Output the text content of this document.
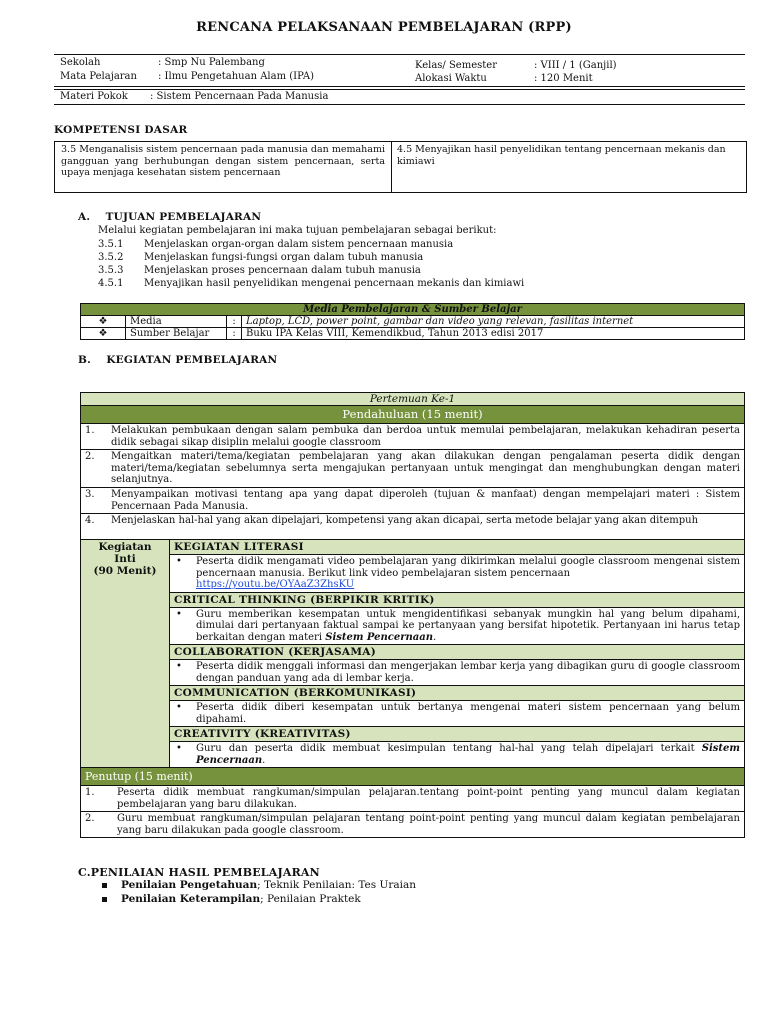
RENCANA PELAKSANAAN PEMBELAJARAN (RPP)
Sekolah	: Smp Nu Palembang
Mata Pelajaran : Ilmu Pengetahuan Alam (IPA)
Kelas/ Semester	: VIII / 1 (Ganjil)
Alokasi Waktu	: 120 Menit
Materi Pokok : Sistem Pencernaan Pada Manusia
KOMPETENSI DASAR
3.5 Menganalisis sistem pencernaan pada manusia dan memahami gangguan yang berhubungan dengan sistem pencernaan, serta upaya menjaga kesehatan sistem pencernaan
4.5 Menyajikan hasil penyelidikan tentang pencernaan mekanis dan kimiawi
A.    TUJUAN PEMBELAJARAN
Melalui kegiatan pembelajaran ini maka tujuan pembelajaran sebagai berikut:
3.5.1 Menjelaskan organ-organ dalam sistem pencernaan manusia
3.5.2 Menjelaskan fungsi-fungsi organ dalam tubuh manusia
3.5.3 Menjelaskan proses pencernaan dalam tubuh manusia
4.5.1 Menyajikan hasil penyelidikan mengenai pencernaan mekanis dan kimiawi
Media Pembelajaran & Sumber Belajar			
❖	Media	:	Laptop, LCD, power point, gambar dan video yang relevan, fasilitas internet
❖	Sumber Belajar	:	Buku IPA Kelas VIII, Kemendikbud, Tahun 2013 edisi 2017
B.    KEGIATAN PEMBELAJARAN
Pertemuan Ke-1
Pendahuluan (15 menit)

1.	Melakukan pembukaan dengan salam pembuka dan berdoa untuk memulai pembelajaran, melakukan kehadiran peserta didik sebagai sikap disiplin melalui google classroom
2.	Mengaitkan materi/tema/kegiatan pembelajaran yang akan dilakukan dengan pengalaman peserta didik dengan materi/tema/kegiatan sebelumnya serta mengajukan pertanyaan untuk mengingat dan menghubungkan dengan materi selanjutnya.
3.	Menyampaikan motivasi tentang apa yang dapat diperoleh (tujuan & manfaat) dengan mempelajari materi : Sistem Pencernaan Pada Manusia.
4.	Menjelaskan hal-hal yang akan dipelajari, kompetensi yang akan dicapai, serta metode belajar yang akan ditempuh

Kegiatan
Inti
(90 Menit)
	KEGIATAN LITERASI

• Peserta didik mengamati video pembelajaran yang dikirimkan melalui google classroom mengenai sistem pencernaan manusia. Berikut link video pembelajaran sistem pencernaan
https://youtu.be/OYAaZ3ZhsKU
CRITICAL THINKING (BERPIKIR KRITIK)

• Guru memberikan kesempatan untuk mengidentifikasi sebanyak mungkin hal yang belum dipahami, dimulai dari pertanyaan faktual sampai ke pertanyaan yang bersifat hipotetik. Pertanyaan ini harus tetap berkaitan dengan materi Sistem Pencernaan.
COLLABORATION (KERJASAMA)

• Peserta didik menggali informasi dan mengerjakan lembar kerja yang dibagikan guru di google classroom dengan panduan yang ada di lembar kerja.
COMMUNICATION (BERKOMUNIKASI)

• Peserta didik diberi kesempatan untuk bertanya mengenai materi sistem pencernaan yang belum dipahami.
CREATIVITY (KREATIVITAS)

• Guru dan peserta didik membuat kesimpulan tentang hal-hal yang telah dipelajari terkait Sistem Pencernaan.
Penutup (15 menit)

1.	Peserta didik membuat rangkuman/simpulan pelajaran.tentang point-point penting yang muncul dalam kegiatan pembelajaran yang baru dilakukan.
2.	Guru membuat rangkuman/simpulan pelajaran tentang point-point penting yang muncul dalam kegiatan pembelajaran yang baru dilakukan pada google classroom.
C.PENILAIAN HASIL PEMBELAJARAN
Penilaian Pengetahuan; Teknik Penilaian: Tes Uraian
Penilaian Keterampilan; Penilaian Praktek
